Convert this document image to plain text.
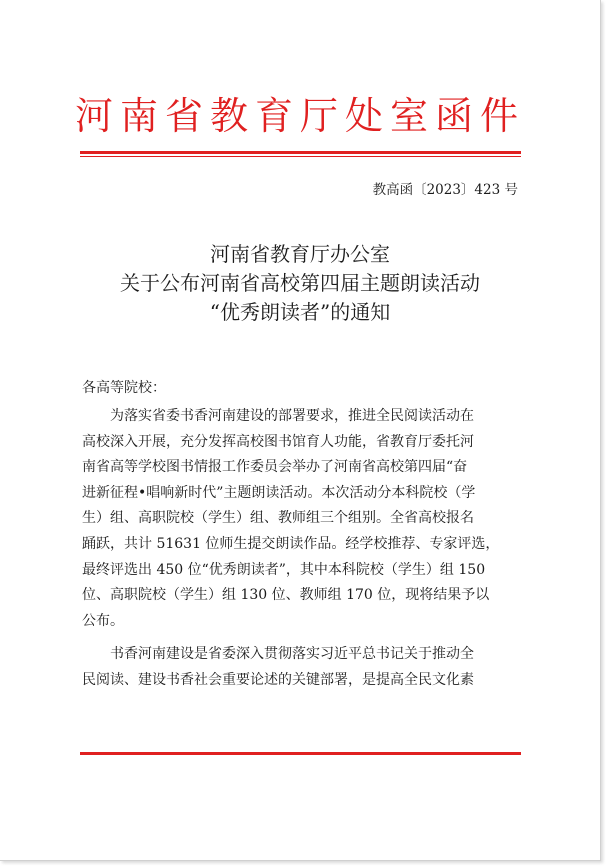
河南省教育厅处室函件
教高函〔2023〕423 号
河南省教育厅办公室
关于公布河南省高校第四届主题朗读活动
“优秀朗读者”的通知
各高等院校：
　　为落实省委书香河南建设的部署要求，推进全民阅读活动在
高校深入开展，充分发挥高校图书馆育人功能，省教育厅委托河
南省高等学校图书情报工作委员会举办了河南省高校第四届“奋
进新征程•唱响新时代”主题朗读活动。本次活动分本科院校（学
生）组、高职院校（学生）组、教师组三个组别。全省高校报名
踊跃，共计 51631 位师生提交朗读作品。经学校推荐、专家评选，
最终评选出 450 位“优秀朗读者”，其中本科院校（学生）组 150
位、高职院校（学生）组 130 位、教师组 170 位，现将结果予以
公布。
　　书香河南建设是省委深入贯彻落实习近平总书记关于推动全
民阅读、建设书香社会重要论述的关键部署，是提高全民文化素
